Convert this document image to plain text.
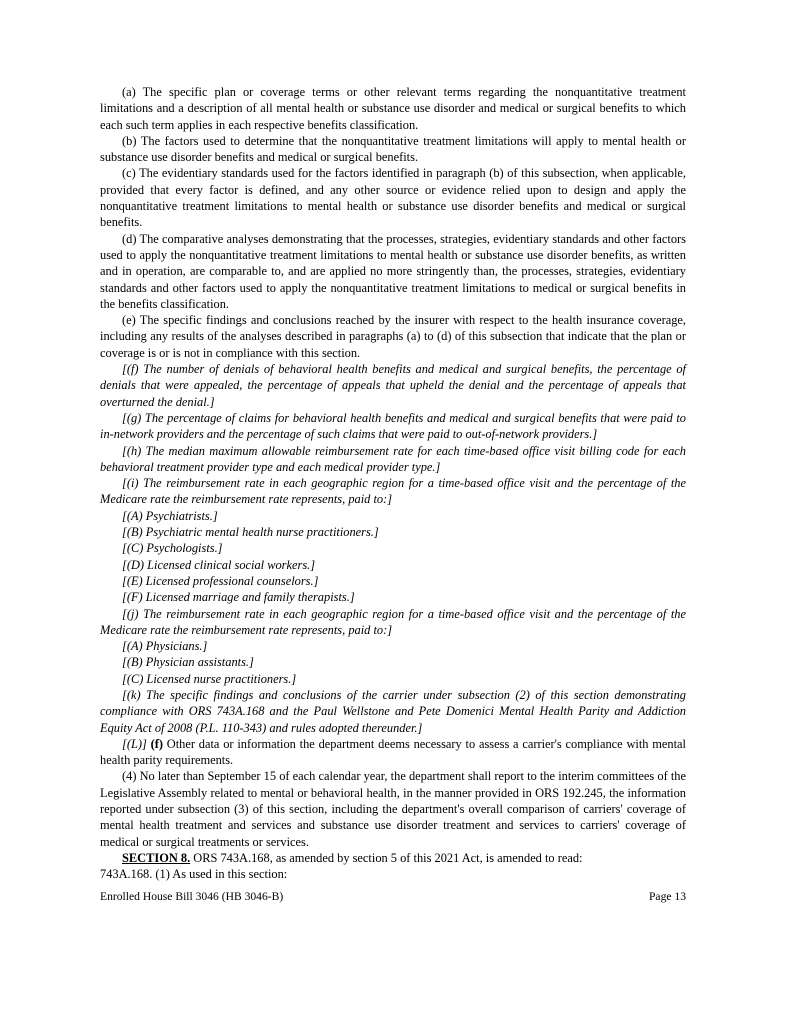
(a) The specific plan or coverage terms or other relevant terms regarding the nonquantitative treatment limitations and a description of all mental health or substance use disorder and medical or surgical benefits to which each such term applies in each respective benefits classification.

(b) The factors used to determine that the nonquantitative treatment limitations will apply to mental health or substance use disorder benefits and medical or surgical benefits.

(c) The evidentiary standards used for the factors identified in paragraph (b) of this subsection, when applicable, provided that every factor is defined, and any other source or evidence relied upon to design and apply the nonquantitative treatment limitations to mental health or substance use disorder benefits and medical or surgical benefits.

(d) The comparative analyses demonstrating that the processes, strategies, evidentiary standards and other factors used to apply the nonquantitative treatment limitations to mental health or substance use disorder benefits, as written and in operation, are comparable to, and are applied no more stringently than, the processes, strategies, evidentiary standards and other factors used to apply the nonquantitative treatment limitations to medical or surgical benefits in the benefits classification.

(e) The specific findings and conclusions reached by the insurer with respect to the health insurance coverage, including any results of the analyses described in paragraphs (a) to (d) of this subsection that indicate that the plan or coverage is or is not in compliance with this section.

[(f) The number of denials of behavioral health benefits and medical and surgical benefits, the percentage of denials that were appealed, the percentage of appeals that upheld the denial and the percentage of appeals that overturned the denial.]

[(g) The percentage of claims for behavioral health benefits and medical and surgical benefits that were paid to in-network providers and the percentage of such claims that were paid to out-of-network providers.]

[(h) The median maximum allowable reimbursement rate for each time-based office visit billing code for each behavioral treatment provider type and each medical provider type.]

[(i) The reimbursement rate in each geographic region for a time-based office visit and the percentage of the Medicare rate the reimbursement rate represents, paid to:]

[(A) Psychiatrists.]

[(B) Psychiatric mental health nurse practitioners.]

[(C) Psychologists.]

[(D) Licensed clinical social workers.]

[(E) Licensed professional counselors.]

[(F) Licensed marriage and family therapists.]

[(j) The reimbursement rate in each geographic region for a time-based office visit and the percentage of the Medicare rate the reimbursement rate represents, paid to:]

[(A) Physicians.]

[(B) Physician assistants.]

[(C) Licensed nurse practitioners.]

[(k) The specific findings and conclusions of the carrier under subsection (2) of this section demonstrating compliance with ORS 743A.168 and the Paul Wellstone and Pete Domenici Mental Health Parity and Addiction Equity Act of 2008 (P.L. 110-343) and rules adopted thereunder.]

[(L)] (f) Other data or information the department deems necessary to assess a carrier's compliance with mental health parity requirements.

(4) No later than September 15 of each calendar year, the department shall report to the interim committees of the Legislative Assembly related to mental or behavioral health, in the manner provided in ORS 192.245, the information reported under subsection (3) of this section, including the department's overall comparison of carriers' coverage of mental health treatment and services and substance use disorder treatment and services to carriers' coverage of medical or surgical treatments or services.

SECTION 8. ORS 743A.168, as amended by section 5 of this 2021 Act, is amended to read:

743A.168. (1) As used in this section:

Enrolled House Bill 3046 (HB 3046-B)	Page 13
